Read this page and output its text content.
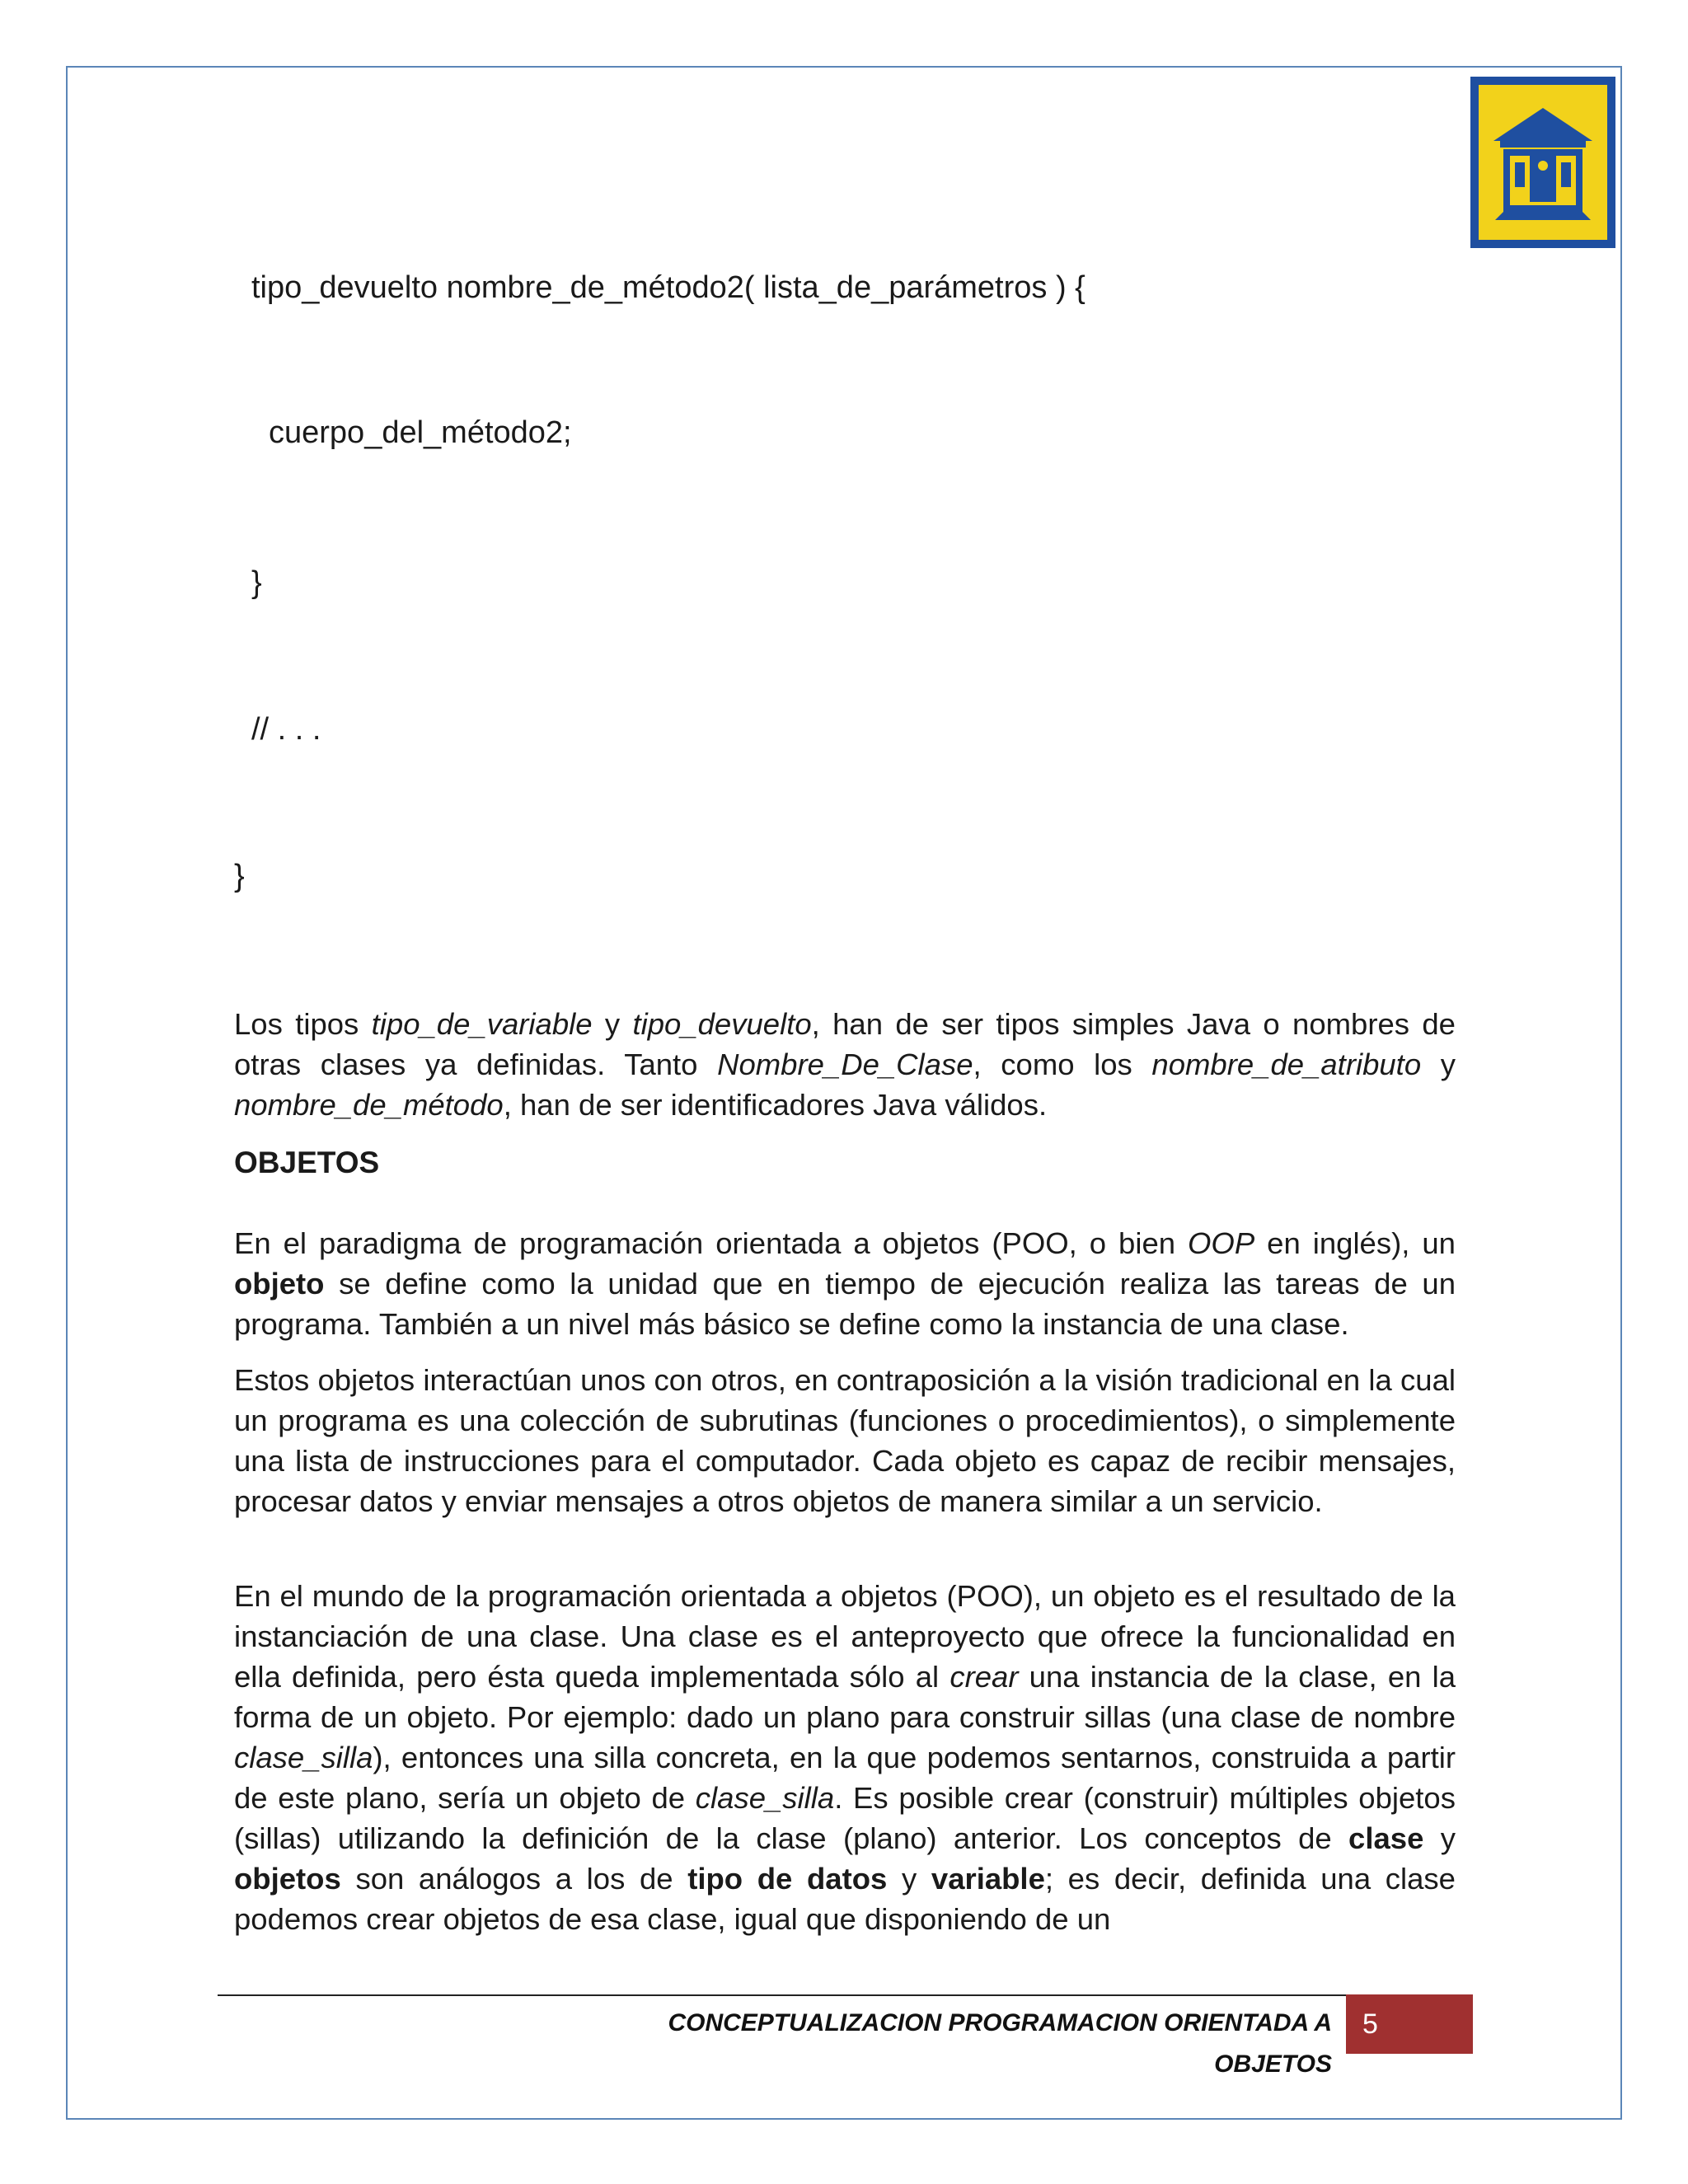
tipo_devuelto nombre_de_método2( lista_de_parámetros ) {
cuerpo_del_método2;
}
// . . .
}

Los tipos tipo_de_variable y tipo_devuelto, han de ser tipos simples Java o nombres de otras clases ya definidas. Tanto Nombre_De_Clase, como los nombre_de_atributo y nombre_de_método, han de ser identificadores Java válidos.

OBJETOS

En el paradigma de programación orientada a objetos (POO, o bien OOP en inglés), un objeto se define como la unidad que en tiempo de ejecución realiza las tareas de un programa. También a un nivel más básico se define como la instancia de una clase.

Estos objetos interactúan unos con otros, en contraposición a la visión tradicional en la cual un programa es una colección de subrutinas (funciones o procedimientos), o simplemente una lista de instrucciones para el computador. Cada objeto es capaz de recibir mensajes, procesar datos y enviar mensajes a otros objetos de manera similar a un servicio.

En el mundo de la programación orientada a objetos (POO), un objeto es el resultado de la instanciación de una clase. Una clase es el anteproyecto que ofrece la funcionalidad en ella definida, pero ésta queda implementada sólo al crear una instancia de la clase, en la forma de un objeto. Por ejemplo: dado un plano para construir sillas (una clase de nombre clase_silla), entonces una silla concreta, en la que podemos sentarnos, construida a partir de este plano, sería un objeto de clase_silla. Es posible crear (construir) múltiples objetos (sillas) utilizando la definición de la clase (plano) anterior. Los conceptos de clase y objetos son análogos a los de tipo de datos y variable; es decir, definida una clase podemos crear objetos de esa clase, igual que disponiendo de un

CONCEPTUALIZACION PROGRAMACION ORIENTADA A OBJETOS
5
